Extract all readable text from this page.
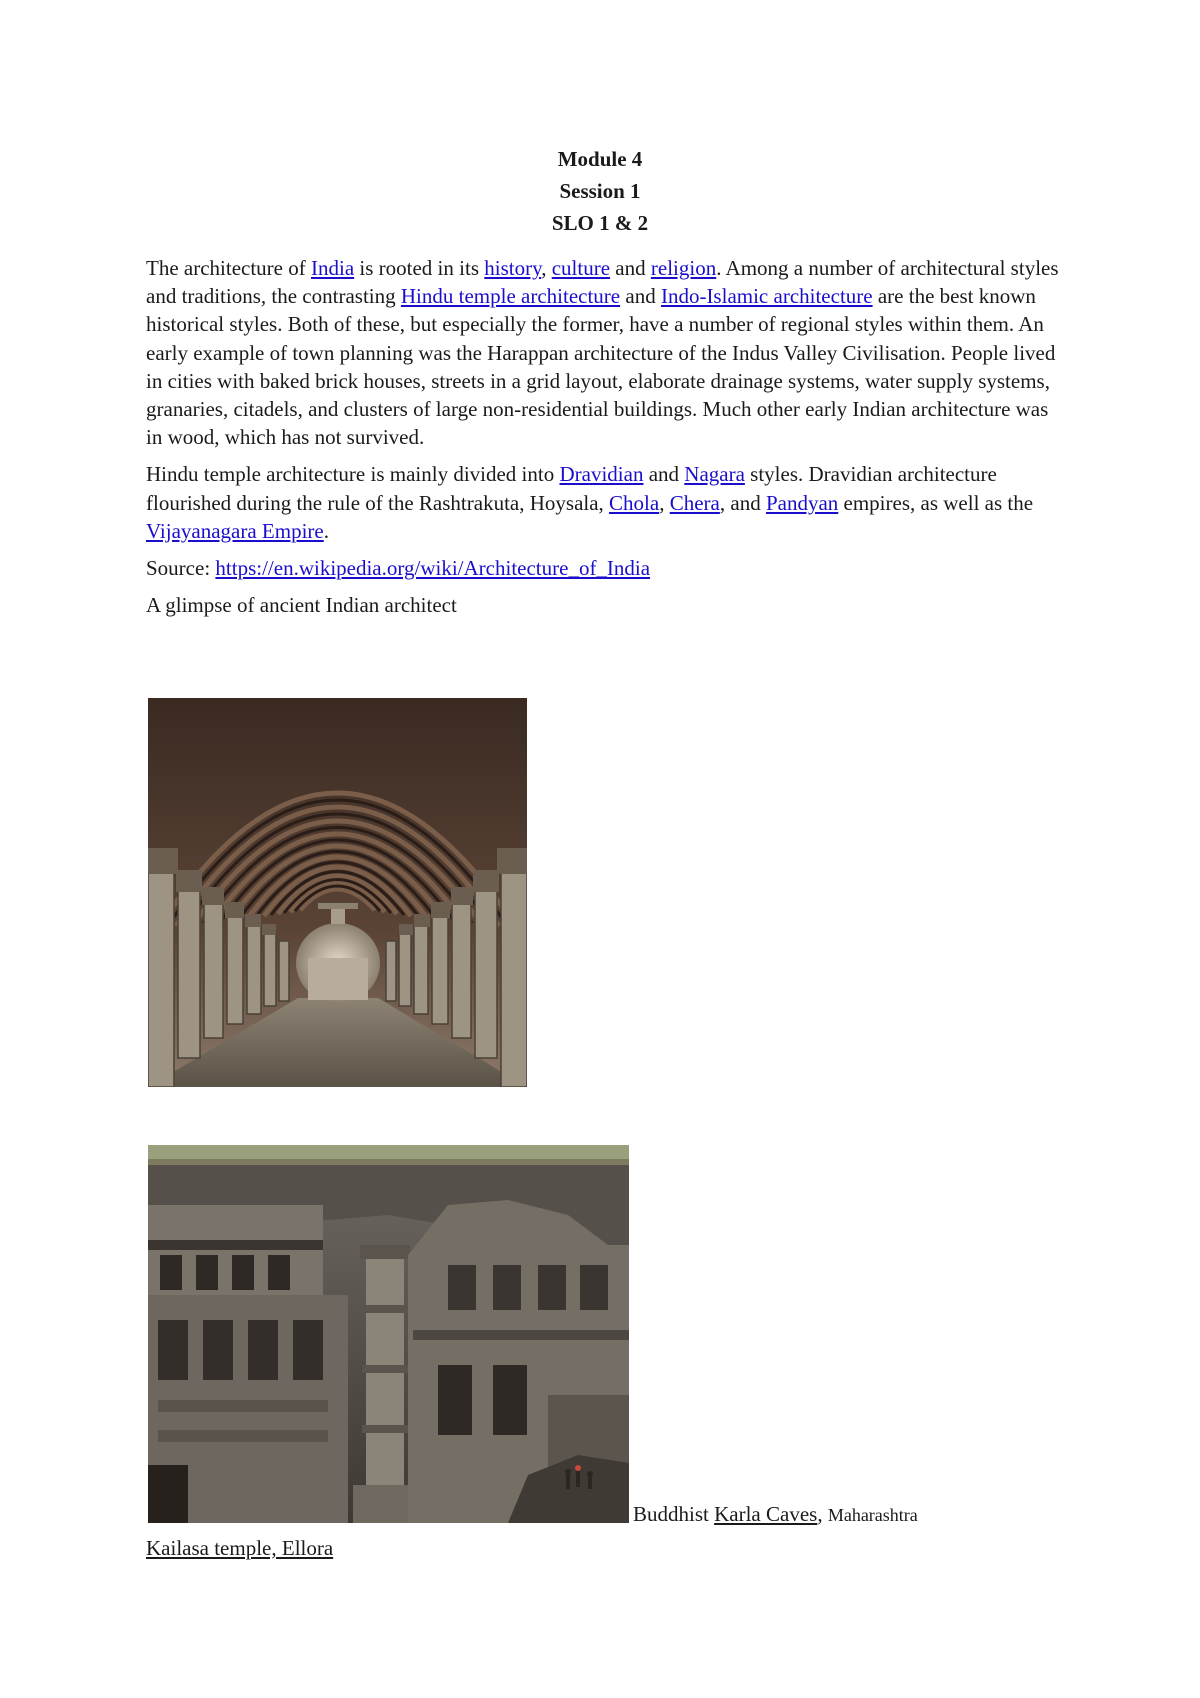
Module 4
Session 1
SLO 1 & 2

The architecture of India is rooted in its history, culture and religion. Among a number of architectural styles and traditions, the contrasting Hindu temple architecture and Indo-Islamic architecture are the best known historical styles. Both of these, but especially the former, have a number of regional styles within them. An early example of town planning was the Harappan architecture of the Indus Valley Civilisation. People lived in cities with baked brick houses, streets in a grid layout, elaborate drainage systems, water supply systems, granaries, citadels, and clusters of large non-residential buildings. Much other early Indian architecture was in wood, which has not survived.

Hindu temple architecture is mainly divided into Dravidian and Nagara styles. Dravidian architecture flourished during the rule of the Rashtrakuta, Hoysala, Chola, Chera, and Pandyan empires, as well as the Vijayanagara Empire.

Source: https://en.wikipedia.org/wiki/Architecture_of_India

A glimpse of ancient Indian architect

Buddhist Karla Caves, Maharashtra
Kailasa temple, Ellora
